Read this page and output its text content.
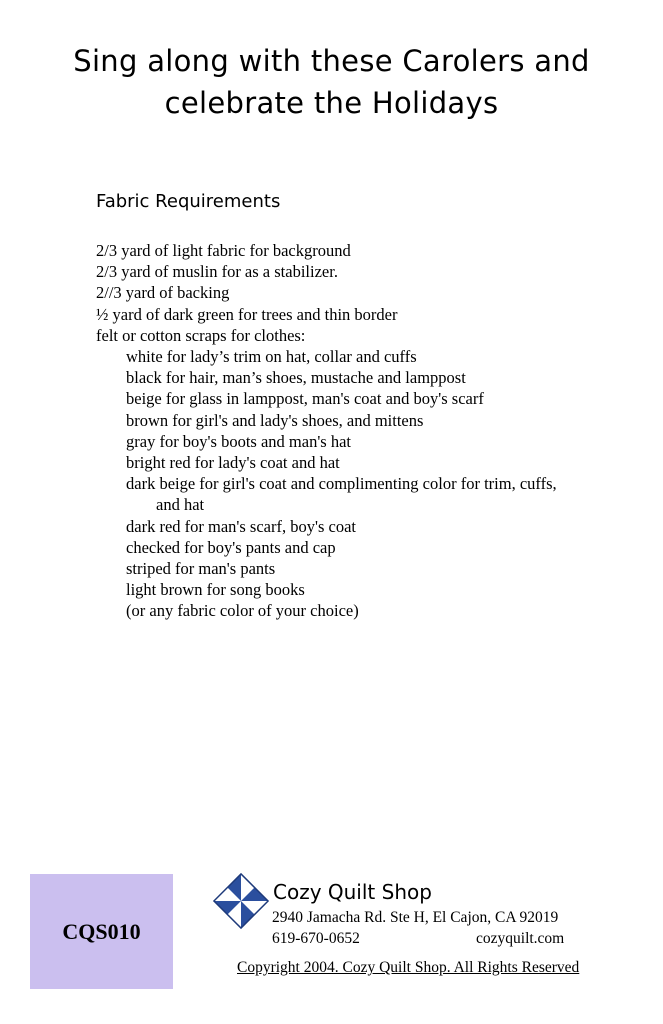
Sing along with these Carolers and
celebrate the Holidays
Fabric Requirements
2/3 yard of light fabric for background
2/3 yard of muslin for as a stabilizer.
2//3 yard of backing
½ yard of dark green for trees and thin border
felt or cotton scraps for clothes:
white for lady’s trim on hat, collar and cuffs
black for hair, man’s shoes, mustache and lamppost
beige for glass in lamppost, man's coat and boy's scarf
brown for girl's and lady's shoes, and mittens
gray for boy's boots and man's hat
bright red for lady's coat and hat
dark beige for girl's coat and complimenting color for trim, cuffs,
and hat
dark red for man's scarf, boy's coat
checked for boy's pants and cap
striped for man's pants
light brown for song books
(or any fabric color of your choice)
CQS010
Cozy Quilt Shop
2940 Jamacha Rd. Ste H, El Cajon, CA 92019
619-670-0652	cozyquilt.com
Copyright 2004. Cozy Quilt Shop. All Rights Reserved
